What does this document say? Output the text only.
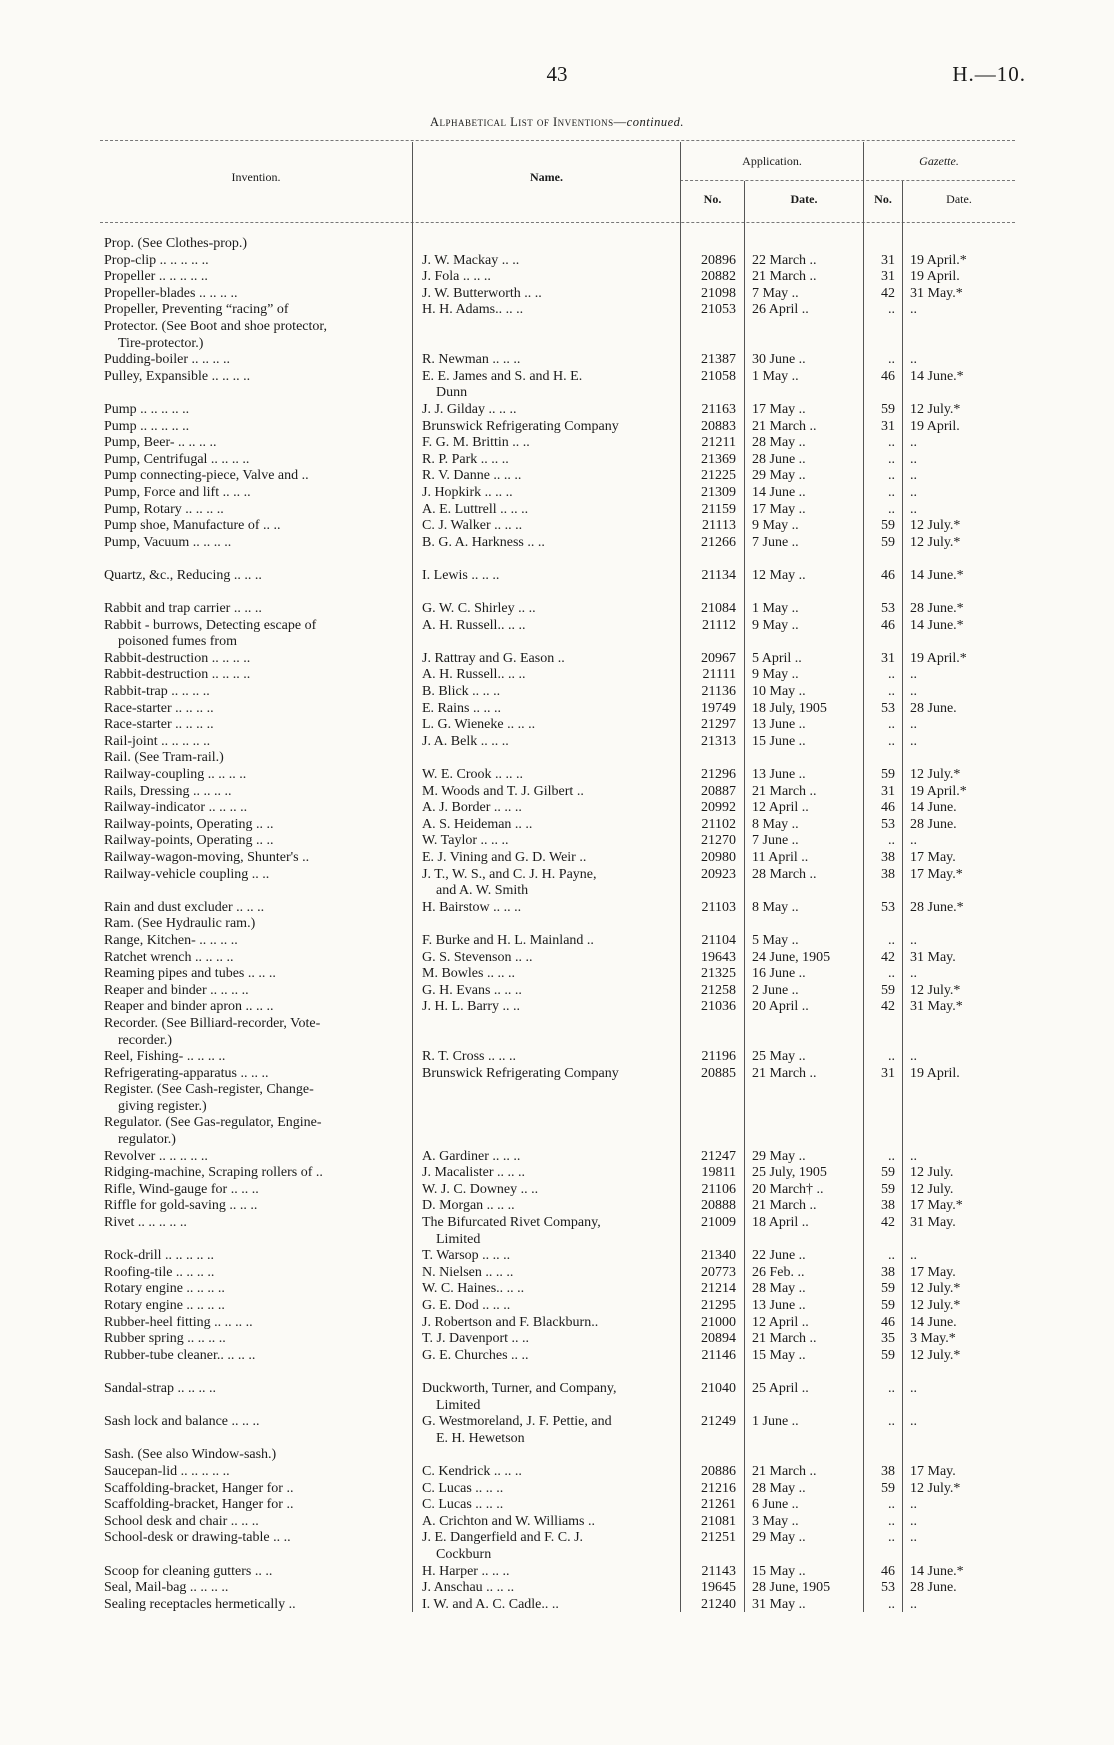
43	H.—10.
Alphabetical List of Inventions—continued.
Invention.	Name.
Application.
No.	Date.
Gazette.
No.	Date.
Prop. (See Clothes-prop.)
Prop-clip .. .. .. .. ..	J. W. Mackay .. ..	20896 22 March ..	31 19 April.*
Propeller .. .. .. .. ..	J. Fola .. .. ..	20882 21 March ..	31 19 April.
Propeller-blades .. .. .. ..	J. W. Butterworth .. ..	21098 7 May ..	42 31 May.*
Propeller, Preventing “racing” of	H. H. Adams.. .. ..	21053 26 April ..	.. ..
Protector. (See Boot and shoe protector,
Tire-protector.)
Pudding-boiler .. .. .. ..	R. Newman .. .. ..	21387 30 June ..	.. ..
Pulley, Expansible .. .. .. ..	E. E. James and S. and H. E.	21058 1 May ..	46 14 June.*
Dunn
Pump .. .. .. .. ..	J. J. Gilday .. .. ..	21163 17 May ..	59 12 July.*
Pump .. .. .. .. ..	Brunswick Refrigerating Company	20883 21 March ..	31 19 April.
Pump, Beer- .. .. .. ..	F. G. M. Brittin .. ..	21211 28 May ..	.. ..
Pump, Centrifugal .. .. .. ..	R. P. Park .. .. ..	21369 28 June ..	.. ..
Pump connecting-piece, Valve and ..	R. V. Danne .. .. ..	21225 29 May ..	.. ..
Pump, Force and lift .. .. ..	J. Hopkirk .. .. ..	21309 14 June ..	.. ..
Pump, Rotary .. .. .. ..	A. E. Luttrell .. .. ..	21159 17 May ..	.. ..
Pump shoe, Manufacture of .. ..	C. J. Walker .. .. ..	21113 9 May ..	59 12 July.*
Pump, Vacuum .. .. .. ..	B. G. A. Harkness .. ..	21266 7 June ..	59 12 July.*
Quartz, &c., Reducing .. .. ..	I. Lewis .. .. ..	21134 12 May ..	46 14 June.*
Rabbit and trap carrier .. .. ..	G. W. C. Shirley .. ..	21084 1 May ..	53 28 June.*
Rabbit - burrows, Detecting escape of	A. H. Russell.. .. ..	21112 9 May ..	46 14 June.*
poisoned fumes from
Rabbit-destruction .. .. .. ..	J. Rattray and G. Eason ..	20967 5 April ..	31 19 April.*
Rabbit-destruction .. .. .. ..	A. H. Russell.. .. ..	21111 9 May ..	.. ..
Rabbit-trap .. .. .. ..	B. Blick .. .. ..	21136 10 May ..	.. ..
Race-starter .. .. .. ..	E. Rains .. .. ..	19749 18 July, 1905	53 28 June.
Race-starter .. .. .. ..	L. G. Wieneke .. .. ..	21297 13 June ..	.. ..
Rail-joint .. .. .. .. ..	J. A. Belk .. .. ..	21313 15 June ..	.. ..
Rail. (See Tram-rail.)
Railway-coupling .. .. .. ..	W. E. Crook .. .. ..	21296 13 June ..	59 12 July.*
Rails, Dressing .. .. .. ..	M. Woods and T. J. Gilbert ..	20887 21 March ..	31 19 April.*
Railway-indicator .. .. .. ..	A. J. Border .. .. ..	20992 12 April ..	46 14 June.
Railway-points, Operating .. ..	A. S. Heideman .. ..	21102 8 May ..	53 28 June.
Railway-points, Operating .. ..	W. Taylor .. .. ..	21270 7 June ..	.. ..
Railway-wagon-moving, Shunter's ..	E. J. Vining and G. D. Weir ..	20980 11 April ..	38 17 May.
Railway-vehicle coupling .. ..	J. T., W. S., and C. J. H. Payne,	20923 28 March ..	38 17 May.*
and A. W. Smith
Rain and dust excluder .. .. ..	H. Bairstow .. .. ..	21103 8 May ..	53 28 June.*
Ram. (See Hydraulic ram.)
Range, Kitchen- .. .. .. ..	F. Burke and H. L. Mainland ..	21104 5 May ..	.. ..
Ratchet wrench .. .. .. ..	G. S. Stevenson .. ..	19643 24 June, 1905	42 31 May.
Reaming pipes and tubes .. .. ..	M. Bowles .. .. ..	21325 16 June ..	.. ..
Reaper and binder .. .. .. ..	G. H. Evans .. .. ..	21258 2 June ..	59 12 July.*
Reaper and binder apron .. .. ..	J. H. L. Barry .. ..	21036 20 April ..	42 31 May.*
Recorder. (See Billiard-recorder, Vote-
recorder.)
Reel, Fishing- .. .. .. ..	R. T. Cross .. .. ..	21196 25 May ..	.. ..
Refrigerating-apparatus .. .. ..	Brunswick Refrigerating Company	20885 21 March ..	31 19 April.
Register. (See Cash-register, Change-
giving register.)
Regulator. (See Gas-regulator, Engine-
regulator.)
Revolver .. .. .. .. ..	A. Gardiner .. .. ..	21247 29 May ..	.. ..
Ridging-machine, Scraping rollers of ..	J. Macalister .. .. ..	19811 25 July, 1905	59 12 July.
Rifle, Wind-gauge for .. .. ..	W. J. C. Downey .. ..	21106 20 March† ..	59 12 July.
Riffle for gold-saving .. .. ..	D. Morgan .. .. ..	20888 21 March ..	38 17 May.*
Rivet .. .. .. .. ..	The Bifurcated Rivet Company,	21009 18 April ..	42 31 May.
Limited
Rock-drill .. .. .. .. ..	T. Warsop .. .. ..	21340 22 June ..	.. ..
Roofing-tile .. .. .. ..	N. Nielsen .. .. ..	20773 26 Feb. ..	38 17 May.
Rotary engine .. .. .. ..	W. C. Haines.. .. ..	21214 28 May ..	59 12 July.*
Rotary engine .. .. .. ..	G. E. Dod .. .. ..	21295 13 June ..	59 12 July.*
Rubber-heel fitting .. .. .. ..	J. Robertson and F. Blackburn..	21000 12 April ..	46 14 June.
Rubber spring .. .. .. ..	T. J. Davenport .. ..	20894 21 March ..	35 3 May.*
Rubber-tube cleaner.. .. .. ..	G. E. Churches .. ..	21146 15 May ..	59 12 July.*
Sandal-strap .. .. .. ..	Duckworth, Turner, and Company,	21040 25 April ..	.. ..
Limited
Sash lock and balance .. .. ..	G. Westmoreland, J. F. Pettie, and	21249 1 June ..	.. ..
E. H. Hewetson
Sash. (See also Window-sash.)
Saucepan-lid .. .. .. .. ..	C. Kendrick .. .. ..	20886 21 March ..	38 17 May.
Scaffolding-bracket, Hanger for ..	C. Lucas .. .. ..	21216 28 May ..	59 12 July.*
Scaffolding-bracket, Hanger for ..	C. Lucas .. .. ..	21261 6 June ..	.. ..
School desk and chair .. .. ..	A. Crichton and W. Williams ..	21081 3 May ..	.. ..
School-desk or drawing-table .. ..	J. E. Dangerfield and F. C. J.	21251 29 May ..	.. ..
Cockburn
Scoop for cleaning gutters .. ..	H. Harper .. .. ..	21143 15 May ..	46 14 June.*
Seal, Mail-bag .. .. .. ..	J. Anschau .. .. ..	19645 28 June, 1905	53 28 June.
Sealing receptacles hermetically ..	I. W. and A. C. Cadle.. ..	21240 31 May ..	.. ..
